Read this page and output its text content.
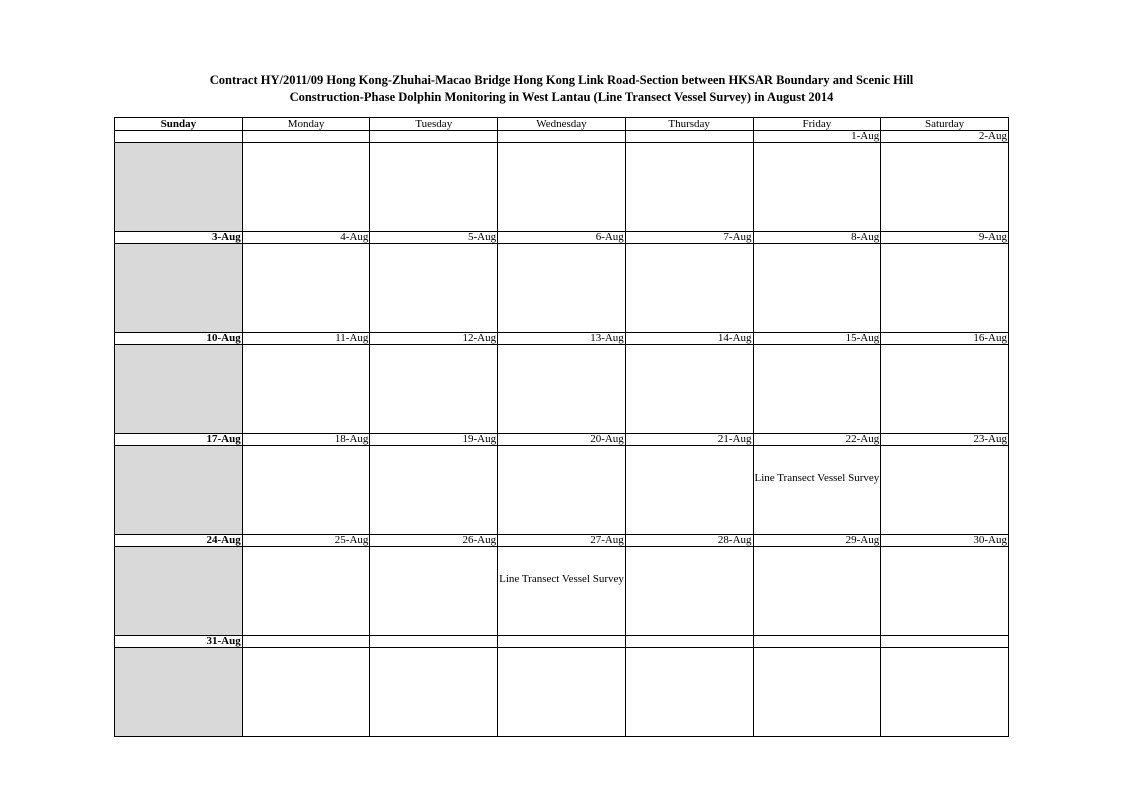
Contract HY/2011/09 Hong Kong-Zhuhai-Macao Bridge Hong Kong Link Road-Section between HKSAR Boundary and Scenic Hill
Construction-Phase Dolphin Monitoring in West Lantau (Line Transect Vessel Survey) in August 2014
Sunday	Monday	Tuesday	Wednesday	Thursday	Friday	Saturday
					1-Aug	2-Aug

3-Aug	4-Aug	5-Aug	6-Aug	7-Aug	8-Aug	9-Aug

10-Aug	11-Aug	12-Aug	13-Aug	14-Aug	15-Aug	16-Aug

17-Aug	18-Aug	19-Aug	20-Aug	21-Aug	22-Aug	23-Aug

					Line Transect Vessel Survey	

24-Aug	25-Aug	26-Aug	27-Aug	28-Aug	29-Aug	30-Aug

			Line Transect Vessel Survey			

31-Aug						
